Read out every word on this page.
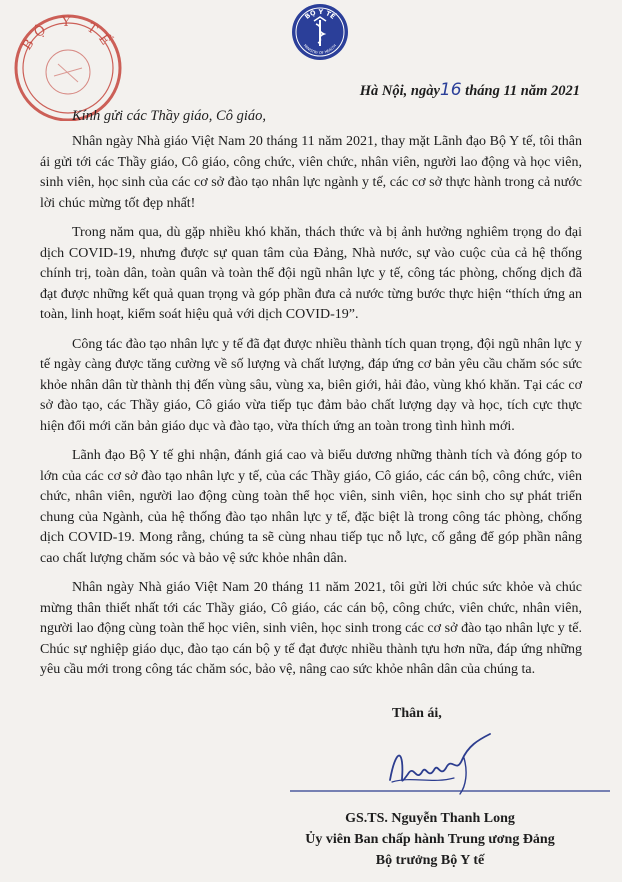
BỘ Y TẾ
MINISTRY OF HEALTH
BỘ Y TẾ
Hà Nội, ngày16 tháng 11 năm 2021
Kính gửi các Thầy giáo, Cô giáo,

Nhân ngày Nhà giáo Việt Nam 20 tháng 11 năm 2021, thay mặt Lãnh đạo Bộ Y tế, tôi thân ái gửi tới các Thầy giáo, Cô giáo, công chức, viên chức, nhân viên, người lao động và học viên, sinh viên, học sinh của các cơ sở đào tạo nhân lực ngành y tế, các cơ sở thực hành trong cả nước lời chúc mừng tốt đẹp nhất!

Trong năm qua, dù gặp nhiều khó khăn, thách thức và bị ảnh hưởng nghiêm trọng do đại dịch COVID-19, nhưng được sự quan tâm của Đảng, Nhà nước, sự vào cuộc của cả hệ thống chính trị, toàn dân, toàn quân và toàn thể đội ngũ nhân lực y tế, công tác phòng, chống dịch đã đạt được những kết quả quan trọng và góp phần đưa cả nước từng bước thực hiện “thích ứng an toàn, linh hoạt, kiểm soát hiệu quả với dịch COVID-19”.

Công tác đào tạo nhân lực y tế đã đạt được nhiều thành tích quan trọng, đội ngũ nhân lực y tế ngày càng được tăng cường về số lượng và chất lượng, đáp ứng cơ bản yêu cầu chăm sóc sức khỏe nhân dân từ thành thị đến vùng sâu, vùng xa, biên giới, hải đảo, vùng khó khăn. Tại các cơ sở đào tạo, các Thầy giáo, Cô giáo vừa tiếp tục đảm bảo chất lượng dạy và học, tích cực thực hiện đổi mới căn bản giáo dục và đào tạo, vừa thích ứng an toàn trong tình hình mới.

Lãnh đạo Bộ Y tế ghi nhận, đánh giá cao và biểu dương những thành tích và đóng góp to lớn của các cơ sở đào tạo nhân lực y tế, của các Thầy giáo, Cô giáo, các cán bộ, công chức, viên chức, nhân viên, người lao động cùng toàn thể học viên, sinh viên, học sinh cho sự phát triển chung của Ngành, của hệ thống đào tạo nhân lực y tế, đặc biệt là trong công tác phòng, chống dịch COVID-19. Mong rằng, chúng ta sẽ cùng nhau tiếp tục nỗ lực, cố gắng để góp phần nâng cao chất lượng chăm sóc và bảo vệ sức khỏe nhân dân.

Nhân ngày Nhà giáo Việt Nam 20 tháng 11 năm 2021, tôi gửi lời chúc sức khỏe và chúc mừng thân thiết nhất tới các Thầy giáo, Cô giáo, các cán bộ, công chức, viên chức, nhân viên, người lao động cùng toàn thể học viên, sinh viên, học sinh trong các cơ sở đào tạo nhân lực y tế. Chúc sự nghiệp giáo dục, đào tạo cán bộ y tế đạt được nhiều thành tựu hơn nữa, đáp ứng những yêu cầu mới trong công tác chăm sóc, bảo vệ, nâng cao sức khỏe nhân dân của chúng ta.

Thân ái,
GS.TS. Nguyễn Thanh Long
Ủy viên Ban chấp hành Trung ương Đảng
Bộ trưởng Bộ Y tế
